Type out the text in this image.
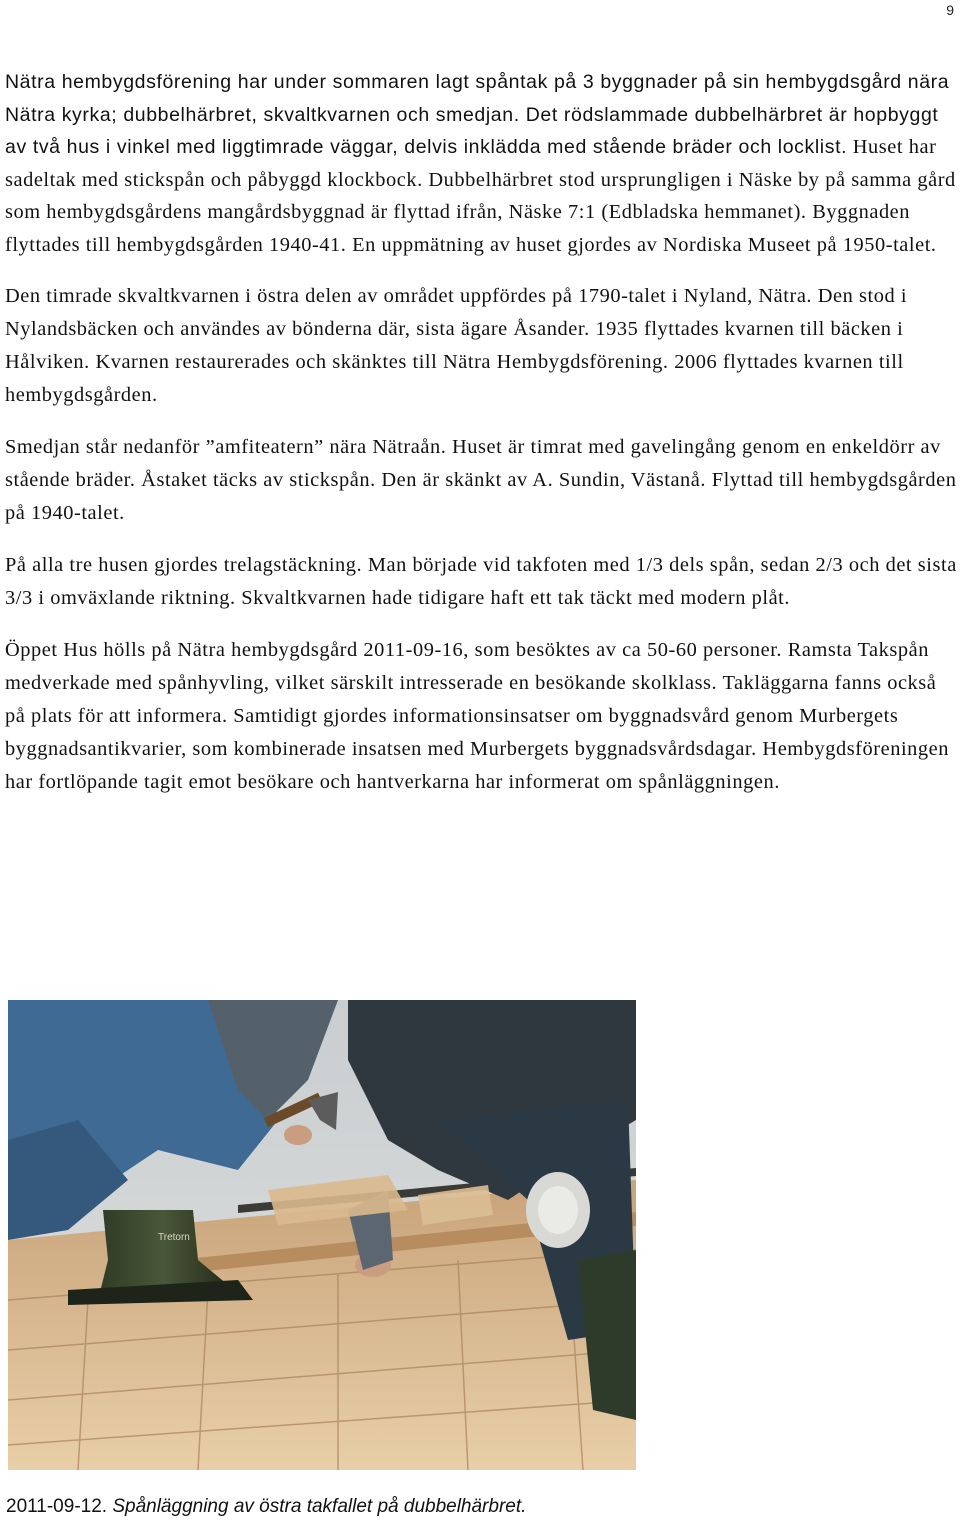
9

Nätra hembygdsförening har under sommaren lagt spåntak på 3 byggnader på sin hembygdsgård nära Nätra kyrka; dubbelhärbret, skvaltkvarnen och smedjan. Det rödslammade dubbelhärbret är hopbyggt av två hus i vinkel med liggtimrade väggar, delvis inklädda med stående bräder och locklist. Huset har sadeltak med stickspån och påbyggd klockbock. Dubbelhärbret stod ursprungligen i Näske by på samma gård som hembygdsgårdens mangårdsbyggnad är flyttad ifrån, Näske 7:1 (Edbladska hemmanet). Byggnaden flyttades till hembygdsgården 1940-41. En uppmätning av huset gjordes av Nordiska Museet på 1950-talet.

Den timrade skvaltkvarnen i östra delen av området uppfördes på 1790-talet i Nyland, Nätra. Den stod i Nylandsbäcken och användes av bönderna där, sista ägare Åsander. 1935 flyttades kvarnen till bäcken i Hålviken. Kvarnen restaurerades och skänktes till Nätra Hembygdsförening. 2006 flyttades kvarnen till hembygdsgården.

Smedjan står nedanför ”amfiteatern” nära Nätraån. Huset är timrat med gavelingång genom en enkeldörr av stående bräder. Åstaket täcks av stickspån. Den är skänkt av A. Sundin, Västanå. Flyttad till hembygdsgården på 1940-talet.

På alla tre husen gjordes trelagstäckning. Man började vid takfoten med 1/3 dels spån, sedan 2/3 och det sista 3/3 i omväxlande riktning. Skvaltkvarnen hade tidigare haft ett tak täckt med modern plåt.

Öppet Hus hölls på Nätra hembygdsgård 2011-09-16, som besöktes av ca 50-60 personer. Ramsta Takspån medverkade med spånhyvling, vilket särskilt intresserade en besökande skolklass. Takläggarna fanns också på plats för att informera. Samtidigt gjordes informationsinsatser om byggnadsvård genom Murbergets byggnadsantikvarier, som kombinerade insatsen med Murbergets byggnadsvårdsdagar. Hembygdsföreningen har fortlöpande tagit emot besökare och hantverkarna har informerat om spånläggningen.

Tretorn
2011-09-12. Spånläggning av östra takfallet på dubbelhärbret.
